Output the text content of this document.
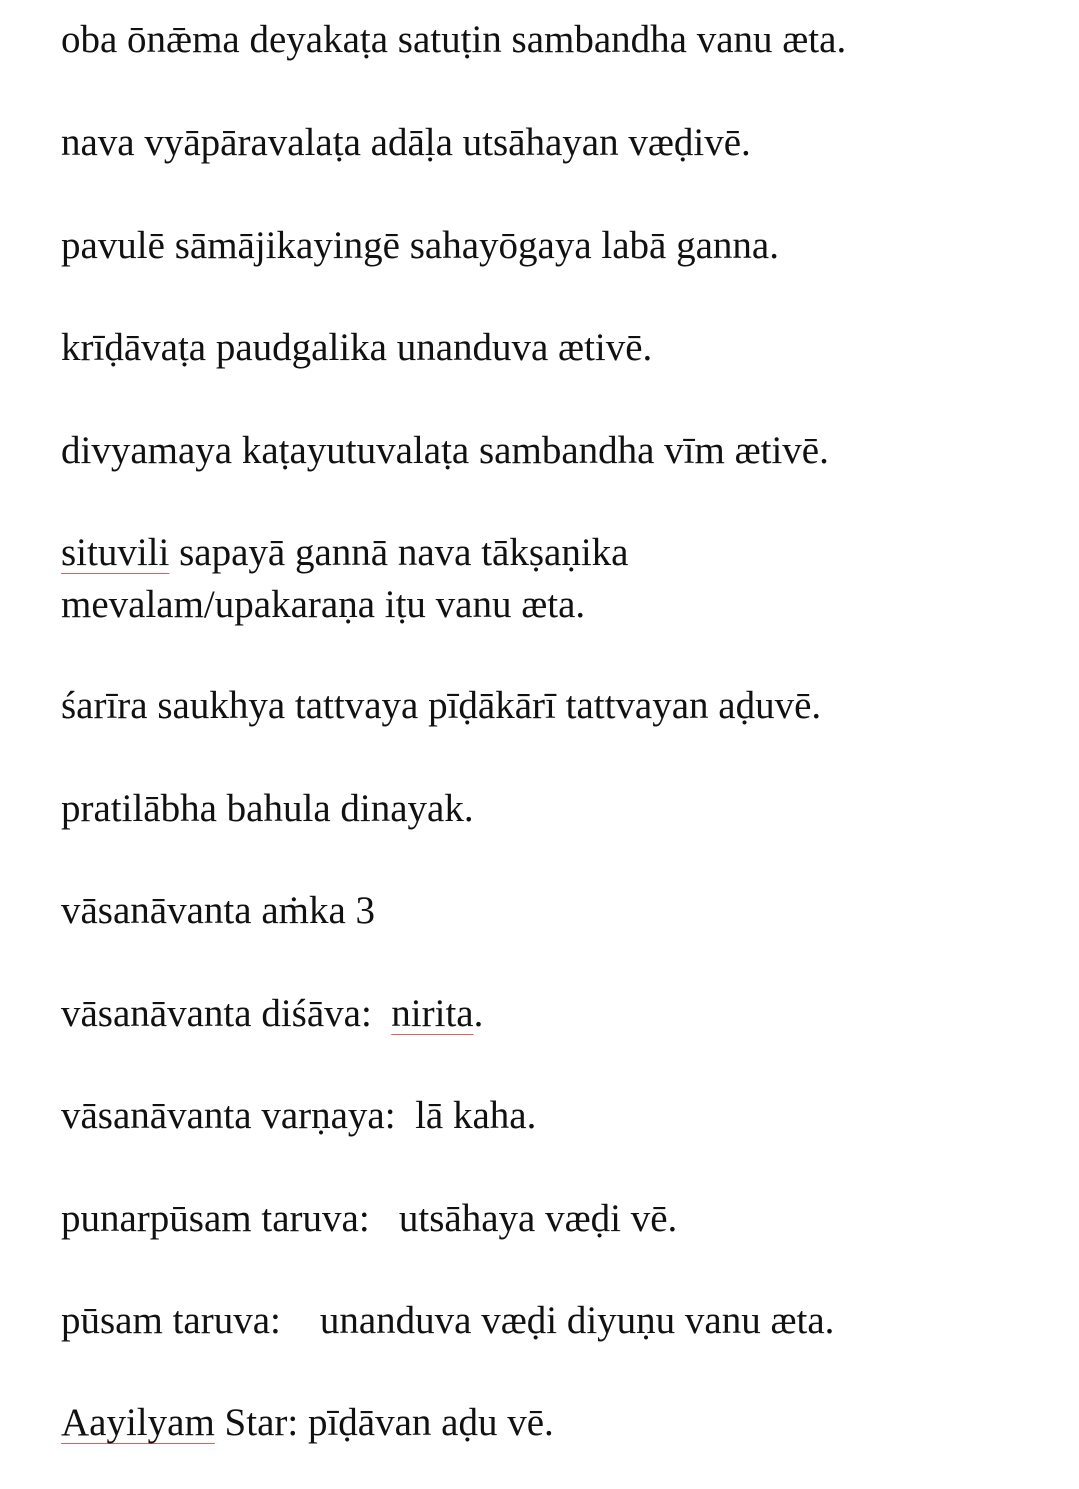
oba ōnǣma deyakaṭa satuṭin sambandha vanu æta.

nava vyāpāravalaṭa adāḷa utsāhayan væḍivē.

pavulē sāmājikayingē sahayōgaya labā ganna.

krīḍāvaṭa paudgalika unanduva ætivē.

divyamaya kaṭayutuvalaṭa sambandha vīm ætivē.

situvili sapayā gannā nava tākṣaṇika
mevalam/upakaraṇa iṭu vanu æta.

śarīra saukhya tattvaya pīḍākārī tattvayan aḍuvē.

pratilābha bahula dinayak.

vāsanāvanta aṁka 3

vāsanāvanta diśāva:  nirita.

vāsanāvanta varṇaya:  lā kaha.

punarpūsam taruva:   utsāhaya væḍi vē.

pūsam taruva:    unanduva væḍi diyuṇu vanu æta.

Aayilyam Star: pīḍāvan aḍu vē.
